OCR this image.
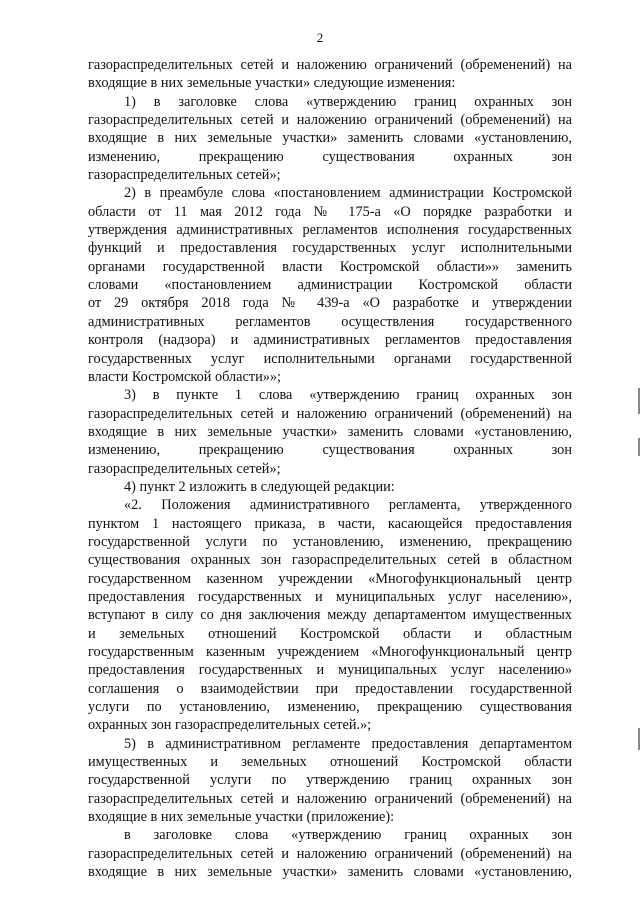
2
газораспределительных сетей и наложению ограничений (обременений) на
входящие в них земельные участки» следующие изменения:
1) в заголовке слова «утверждению границ охранных зон
газораспределительных сетей и наложению ограничений (обременений) на
входящие в них земельные участки» заменить словами «установлению,
изменению, прекращению существования охранных зон
газораспределительных сетей»;
2) в преамбуле слова «постановлением администрации Костромской
области от 11 мая 2012 года № 175-а «О порядке разработки и
утверждения административных регламентов исполнения государственных
функций и предоставления государственных услуг исполнительными
органами государственной власти Костромской области»» заменить
словами «постановлением администрации Костромской области
от 29 октября 2018 года № 439-а «О разработке и утверждении
административных регламентов осуществления государственного
контроля (надзора) и административных регламентов предоставления
государственных услуг исполнительными органами государственной
власти Костромской области»»;
3) в пункте 1 слова «утверждению границ охранных зон
газораспределительных сетей и наложению ограничений (обременений) на
входящие в них земельные участки» заменить словами «установлению,
изменению, прекращению существования охранных зон
газораспределительных сетей»;
4) пункт 2 изложить в следующей редакции:
«2. Положения административного регламента, утвержденного
пунктом 1 настоящего приказа, в части, касающейся предоставления
государственной услуги по установлению, изменению, прекращению
существования охранных зон газораспределительных сетей в областном
государственном казенном учреждении «Многофункциональный центр
предоставления государственных и муниципальных услуг населению»,
вступают в силу со дня заключения между департаментом имущественных
и земельных отношений Костромской области и областным
государственным казенным учреждением «Многофункциональный центр
предоставления государственных и муниципальных услуг населению»
соглашения о взаимодействии при предоставлении государственной
услуги по установлению, изменению, прекращению существования
охранных зон газораспределительных сетей.»;
5) в административном регламенте предоставления департаментом
имущественных и земельных отношений Костромской области
государственной услуги по утверждению границ охранных зон
газораспределительных сетей и наложению ограничений (обременений) на
входящие в них земельные участки (приложение):
в заголовке слова «утверждению границ охранных зон
газораспределительных сетей и наложению ограничений (обременений) на
входящие в них земельные участки» заменить словами «установлению,
